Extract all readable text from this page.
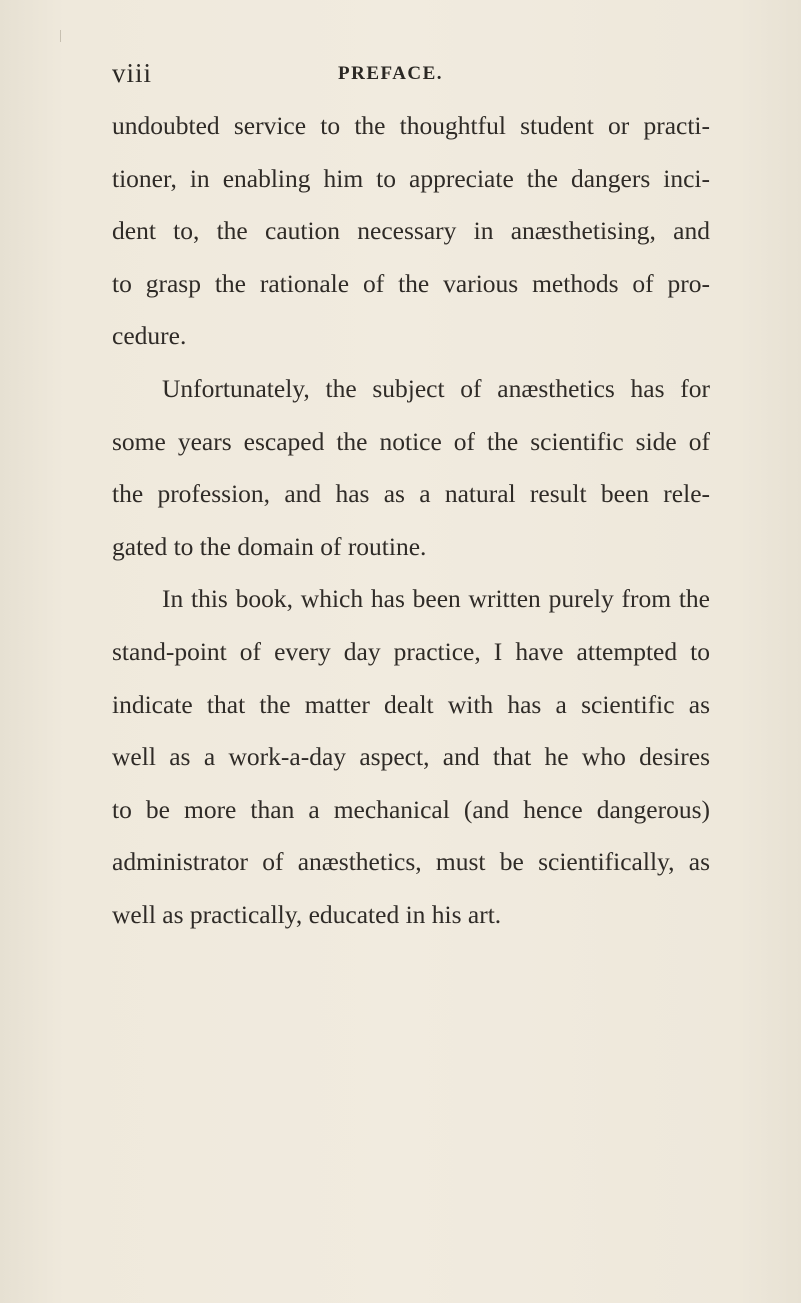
viii	PREFACE.

undoubted service to the thoughtful student or practi-
tioner, in enabling him to appreciate the dangers inci-
dent to, the caution necessary in anæsthetising, and
to grasp the rationale of the various methods of pro-
cedure.

Unfortunately, the subject of anæsthetics has for
some years escaped the notice of the scientific side of
the profession, and has as a natural result been rele-
gated to the domain of routine.

In this book, which has been written purely from the
stand-point of every day practice, I have attempted to
indicate that the matter dealt with has a scientific as
well as a work-a-day aspect, and that he who desires
to be more than a mechanical (and hence dangerous)
administrator of anæsthetics, must be scientifically, as
well as practically, educated in his art.
